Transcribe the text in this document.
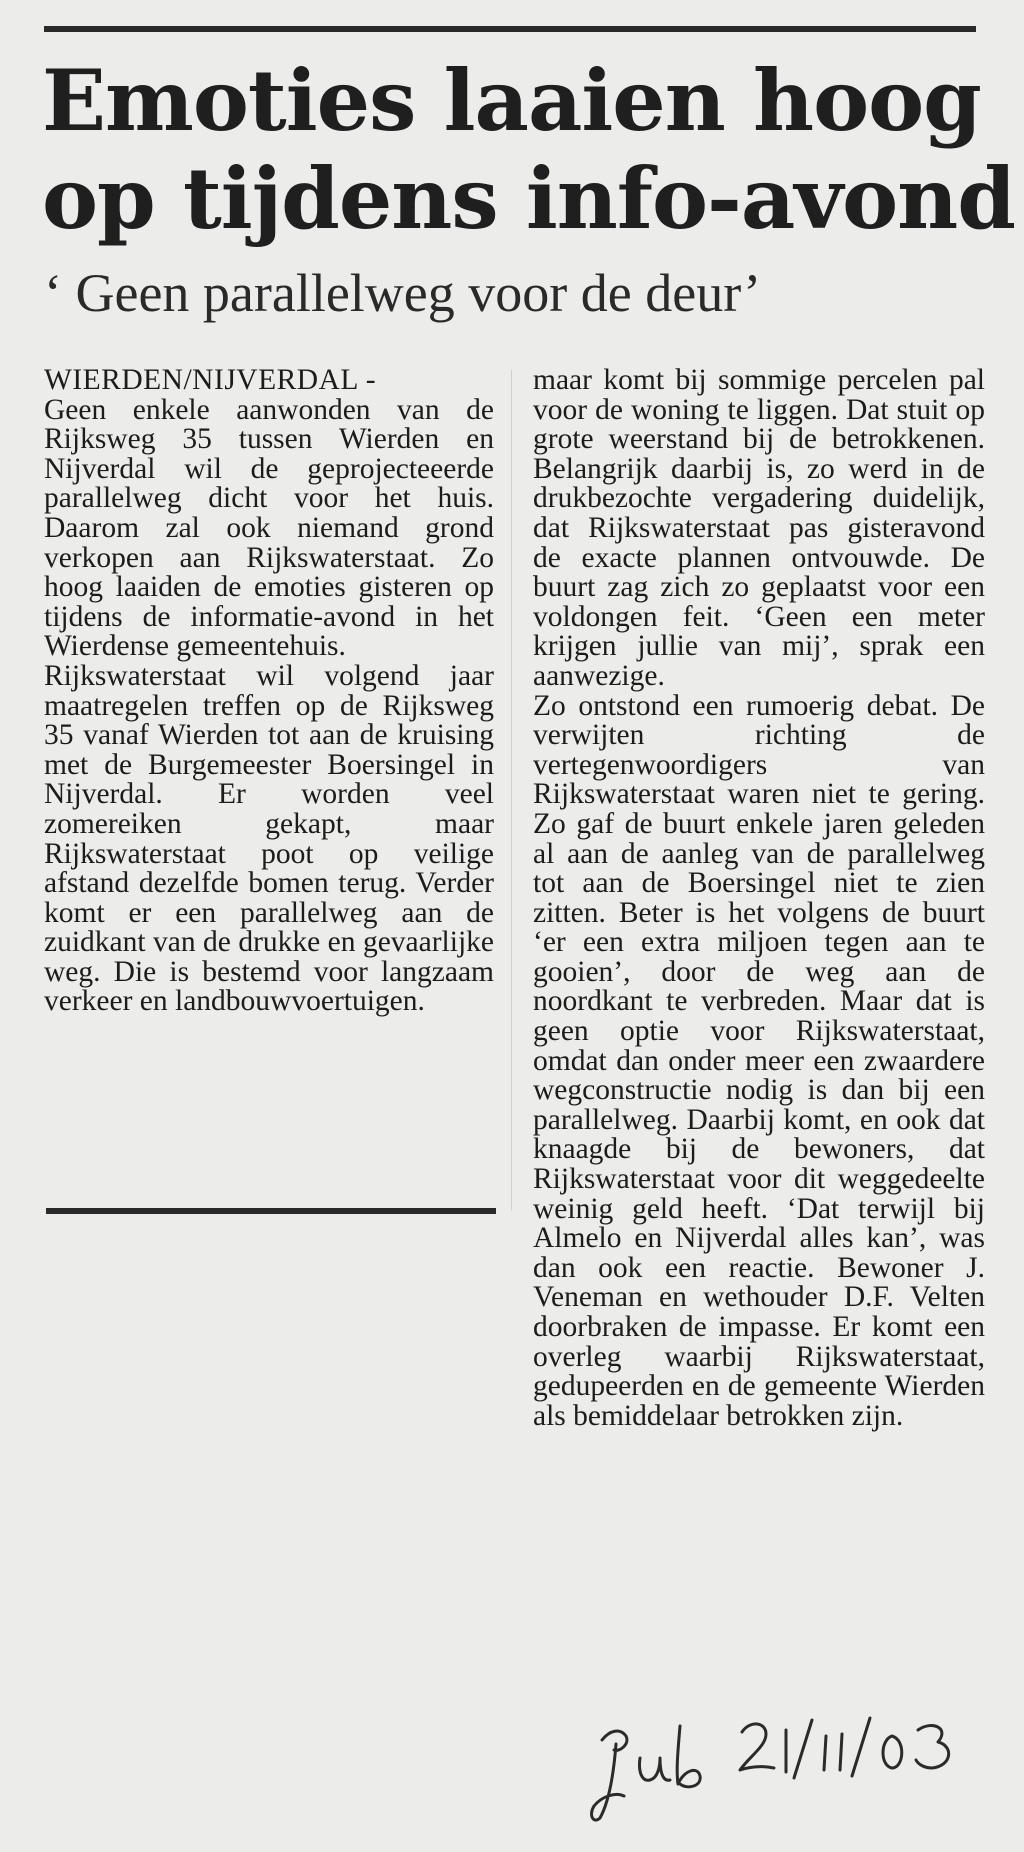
Emoties laaien hoog
op tijdens info-avond
‘ Geen parallelweg voor de deur’
WIERDEN/NIJVERDAL -

Geen enkele aanwonden van de Rijksweg 35 tussen Wierden en Nijverdal wil de geprojecteeerde parallelweg dicht voor het huis. Daarom zal ook niemand grond verkopen aan Rijkswaterstaat. Zo hoog laaiden de emoties gisteren op tijdens de informatie-avond in het Wierdense gemeentehuis.

Rijkswaterstaat wil volgend jaar maatregelen treffen op de Rijksweg 35 vanaf Wierden tot aan de kruising met de Burgemeester Boersingel in Nijverdal. Er worden veel zomereiken gekapt, maar Rijkswaterstaat poot op veilige afstand dezelfde bomen terug. Verder komt er een parallelweg aan de zuidkant van de drukke en gevaarlijke weg. Die is bestemd voor langzaam verkeer en landbouwvoertuigen.

maar komt bij sommige percelen pal voor de woning te liggen. Dat stuit op grote weerstand bij de betrokkenen. Belangrijk daarbij is, zo werd in de drukbezochte vergadering duidelijk, dat Rijkswaterstaat pas gisteravond de exacte plannen ontvouwde. De buurt zag zich zo geplaatst voor een voldongen feit. ‘Geen een meter krijgen jullie van mij’, sprak een aanwezige.

Zo ontstond een rumoerig debat. De verwijten richting de vertegenwoordigers van Rijkswaterstaat waren niet te gering. Zo gaf de buurt enkele jaren geleden al aan de aanleg van de parallelweg tot aan de Boersingel niet te zien zitten. Beter is het volgens de buurt ‘er een extra miljoen tegen aan te gooien’, door de weg aan de noordkant te verbreden. Maar dat is geen optie voor Rijkswaterstaat, omdat dan onder meer een zwaardere wegconstructie nodig is dan bij een parallelweg. Daarbij komt, en ook dat knaagde bij de bewoners, dat Rijkswaterstaat voor dit weggedeelte weinig geld heeft. ‘Dat terwijl bij Almelo en Nijverdal alles kan’, was dan ook een reactie. Bewoner J. Veneman en wethouder D.F. Velten doorbraken de impasse. Er komt een overleg waarbij Rijkswaterstaat, gedupeerden en de gemeente Wierden als bemiddelaar betrokken zijn.
